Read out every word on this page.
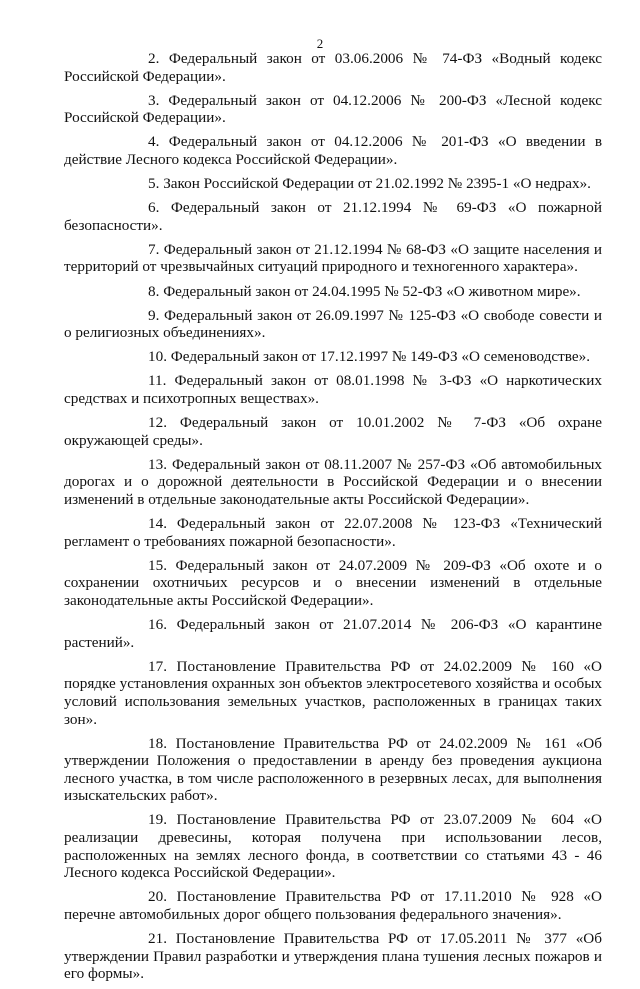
2

2. Федеральный закон от 03.06.2006 № 74-ФЗ «Водный кодекс Российской Федерации».

3. Федеральный закон от 04.12.2006 № 200-ФЗ «Лесной кодекс Российской Федерации».

4. Федеральный закон от 04.12.2006 № 201-ФЗ «О введении в действие Лесного кодекса Российской Федерации».

5. Закон Российской Федерации от 21.02.1992 № 2395-1 «О недрах».

6. Федеральный закон от 21.12.1994 № 69-ФЗ «О пожарной безопасности».

7. Федеральный закон от 21.12.1994 № 68-ФЗ «О защите населения и территорий от чрезвычайных ситуаций природного и техногенного характера».

8. Федеральный закон от 24.04.1995 № 52-ФЗ «О животном мире».

9. Федеральный закон от 26.09.1997 № 125-ФЗ «О свободе совести и о религиозных объединениях».

10. Федеральный закон от 17.12.1997 № 149-ФЗ «О семеноводстве».

11. Федеральный закон от 08.01.1998 № 3-ФЗ «О наркотических средствах и психотропных веществах».

12. Федеральный закон от 10.01.2002 № 7-ФЗ «Об охране окружающей среды».

13. Федеральный закон от 08.11.2007 № 257-ФЗ «Об автомобильных дорогах и о дорожной деятельности в Российской Федерации и о внесении изменений в отдельные законодательные акты Российской Федерации».

14. Федеральный закон от 22.07.2008 № 123-ФЗ «Технический регламент о требованиях пожарной безопасности».

15. Федеральный закон от 24.07.2009 № 209-ФЗ «Об охоте и о сохранении охотничьих ресурсов и о внесении изменений в отдельные законодательные акты Российской Федерации».

16. Федеральный закон от 21.07.2014 № 206-ФЗ «О карантине растений».

17. Постановление Правительства РФ от 24.02.2009 № 160 «О порядке установления охранных зон объектов электросетевого хозяйства и особых условий использования земельных участков, расположенных в границах таких зон».

18. Постановление Правительства РФ от 24.02.2009 № 161 «Об утверждении Положения о предоставлении в аренду без проведения аукциона лесного участка, в том числе расположенного в резервных лесах, для выполнения изыскательских работ».

19. Постановление Правительства РФ от 23.07.2009 № 604 «О реализации древесины, которая получена при использовании лесов, расположенных на землях лесного фонда, в соответствии со статьями 43 - 46 Лесного кодекса Российской Федерации».

20. Постановление Правительства РФ от 17.11.2010 № 928 «О перечне автомобильных дорог общего пользования федерального значения».

21. Постановление Правительства РФ от 17.05.2011 № 377 «Об утверждении Правил разработки и утверждения плана тушения лесных пожаров и его формы».
